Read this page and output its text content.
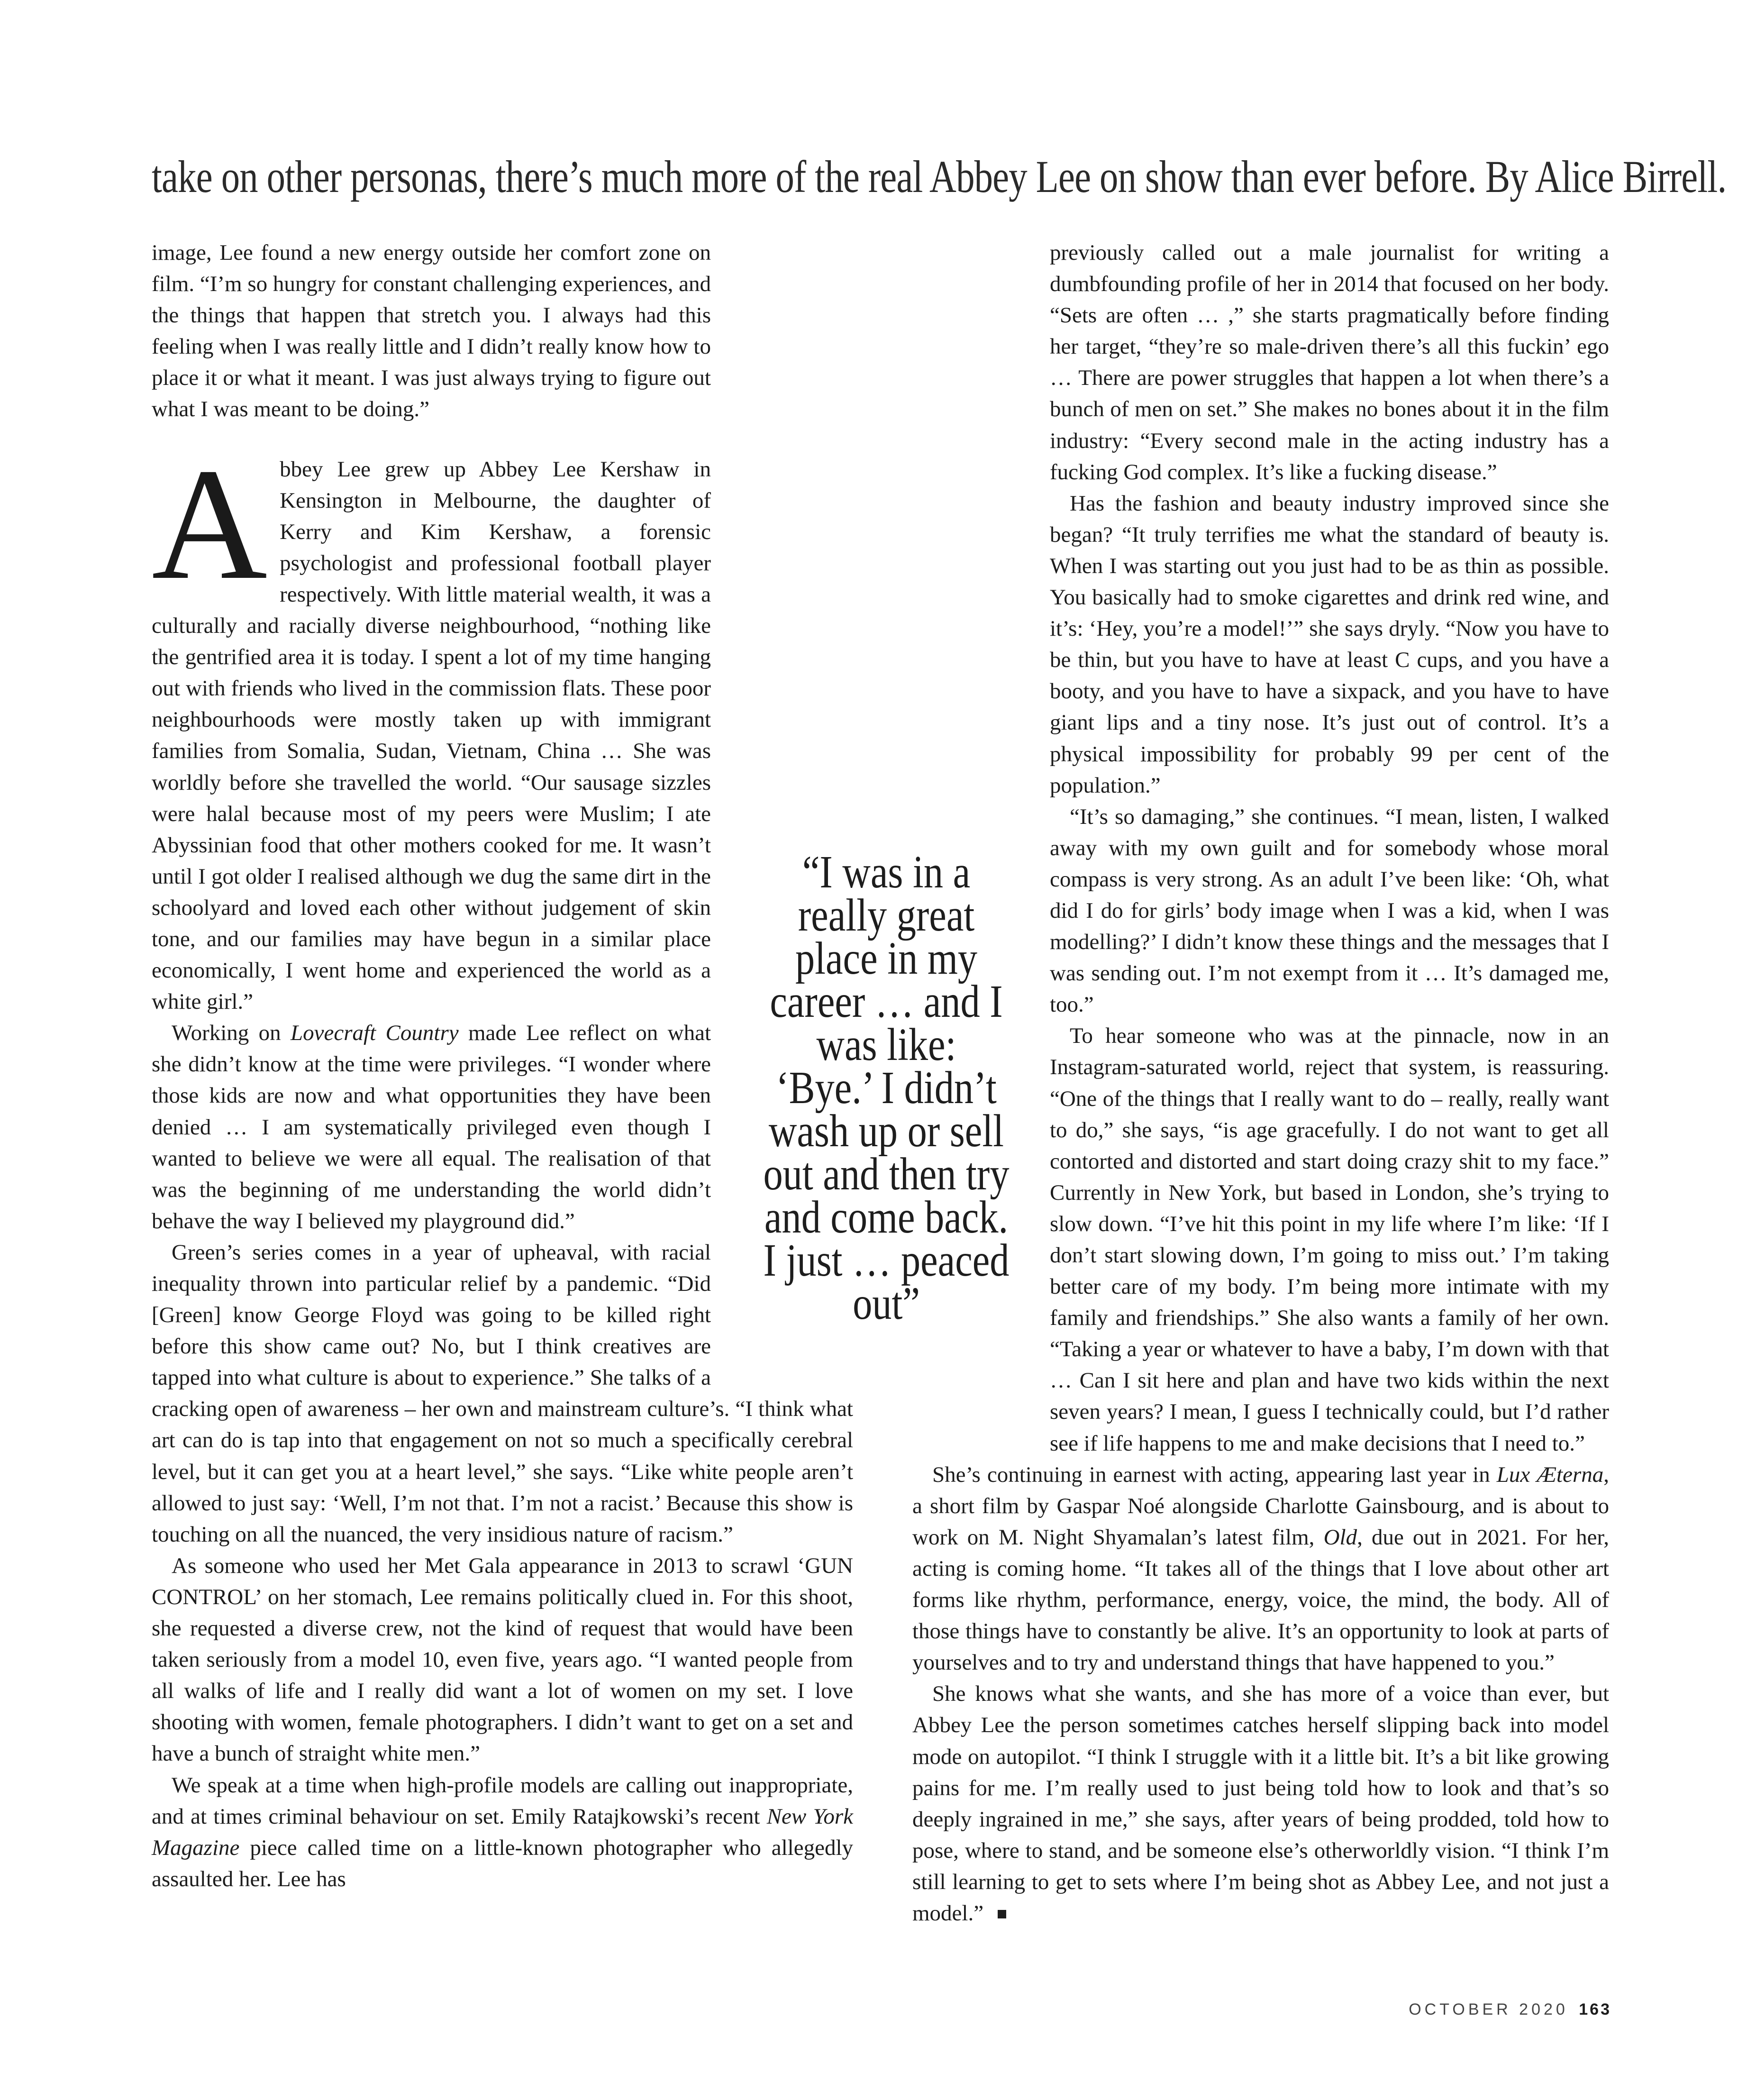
take on other personas, there’s much more of the real Abbey Lee on show than ever before. By Alice Birrell.
“I was in a really great place in my career … and I was like: ‘Bye.’ I didn’t wash up or sell out and then try and come back. I just … peaced out”
OCTOBER 2020 163

image, Lee found a new energy outside her comfort zone on film. “I’m so hungry for constant challenging experiences, and the things that happen that stretch you. I always had this feeling when I was really little and I didn’t really know how to place it or what it meant. I was just always trying to figure out what I was meant to be doing.”

Abbey Lee grew up Abbey Lee Kershaw in Kensington in Melbourne, the daughter of Kerry and Kim Kershaw, a forensic psychologist and professional football player respectively. With little material wealth, it was a culturally and racially diverse neighbourhood, “nothing like the gentrified area it is today. I spent a lot of my time hanging out with friends who lived in the commission flats. These poor neighbourhoods were mostly taken up with immigrant families from Somalia, Sudan, Vietnam, China … She was worldly before she travelled the world. “Our sausage sizzles were halal because most of my peers were Muslim; I ate Abyssinian food that other mothers cooked for me. It wasn’t until I got older I realised although we dug the same dirt in the schoolyard and loved each other without judgement of skin tone, and our families may have begun in a similar place economically, I went home and experienced the world as a white girl.”

Working on Lovecraft Country made Lee reflect on what she didn’t know at the time were privileges. “I wonder where those kids are now and what opportunities they have been denied … I am systematically privileged even though I wanted to believe we were all equal. The realisation of that was the beginning of me understanding the world didn’t behave the way I believed my playground did.”

Green’s series comes in a year of upheaval, with racial inequality thrown into particular relief by a pandemic. “Did [Green] know George Floyd was going to be killed right before this show came out? No, but I think creatives are tapped into what culture is about to experience.” She talks of a cracking open of awareness – her own and mainstream culture’s. “I think what art can do is tap into that engagement on not so much a specifically cerebral level, but it can get you at a heart level,” she says. “Like white people aren’t allowed to just say: ‘Well, I’m not that. I’m not a racist.’ Because this show is touching on all the nuanced, the very insidious nature of racism.”

As someone who used her Met Gala appearance in 2013 to scrawl ‘GUN CONTROL’ on her stomach, Lee remains politically clued in. For this shoot, she requested a diverse crew, not the kind of request that would have been taken seriously from a model 10, even five, years ago. “I wanted people from all walks of life and I really did want a lot of women on my set. I love shooting with women, female photographers. I didn’t want to get on a set and have a bunch of straight white men.”

We speak at a time when high-profile models are calling out inappropriate, and at times criminal behaviour on set. Emily Ratajkowski’s recent New York Magazine piece called time on a little-known photographer who allegedly assaulted her. Lee has

previously called out a male journalist for writing a dumbfounding profile of her in 2014 that focused on her body. “Sets are often … ,” she starts pragmatically before finding her target, “they’re so male-driven there’s all this fuckin’ ego … There are power struggles that happen a lot when there’s a bunch of men on set.” She makes no bones about it in the film industry: “Every second male in the acting industry has a fucking God complex. It’s like a fucking disease.”

Has the fashion and beauty industry improved since she began? “It truly terrifies me what the standard of beauty is. When I was starting out you just had to be as thin as possible. You basically had to smoke cigarettes and drink red wine, and it’s: ‘Hey, you’re a model!’” she says dryly. “Now you have to be thin, but you have to have at least C cups, and you have a booty, and you have to have a sixpack, and you have to have giant lips and a tiny nose. It’s just out of control. It’s a physical impossibility for probably 99 per cent of the population.”

“It’s so damaging,” she continues. “I mean, listen, I walked away with my own guilt and for somebody whose moral compass is very strong. As an adult I’ve been like: ‘Oh, what did I do for girls’ body image when I was a kid, when I was modelling?’ I didn’t know these things and the messages that I was sending out. I’m not exempt from it … It’s damaged me, too.”

To hear someone who was at the pinnacle, now in an Instagram-saturated world, reject that system, is reassuring. “One of the things that I really want to do – really, really want to do,” she says, “is age gracefully. I do not want to get all contorted and distorted and start doing crazy shit to my face.” Currently in New York, but based in London, she’s trying to slow down. “I’ve hit this point in my life where I’m like: ‘If I don’t start slowing down, I’m going to miss out.’ I’m taking better care of my body. I’m being more intimate with my family and friendships.” She also wants a family of her own. “Taking a year or whatever to have a baby, I’m down with that … Can I sit here and plan and have two kids within the next seven years? I mean, I guess I technically could, but I’d rather see if life happens to me and make decisions that I need to.”

She’s continuing in earnest with acting, appearing last year in Lux Æterna, a short film by Gaspar Noé alongside Charlotte Gainsbourg, and is about to work on M. Night Shyamalan’s latest film, Old, due out in 2021. For her, acting is coming home. “It takes all of the things that I love about other art forms like rhythm, performance, energy, voice, the mind, the body. All of those things have to constantly be alive. It’s an opportunity to look at parts of yourselves and to try and understand things that have happened to you.”

She knows what she wants, and she has more of a voice than ever, but Abbey Lee the person sometimes catches herself slipping back into model mode on autopilot. “I think I struggle with it a little bit. It’s a bit like growing pains for me. I’m really used to just being told how to look and that’s so deeply ingrained in me,” she says, after years of being prodded, told how to pose, where to stand, and be someone else’s otherworldly vision. “I think I’m still learning to get to sets where I’m being shot as Abbey Lee, and not just a model.”
